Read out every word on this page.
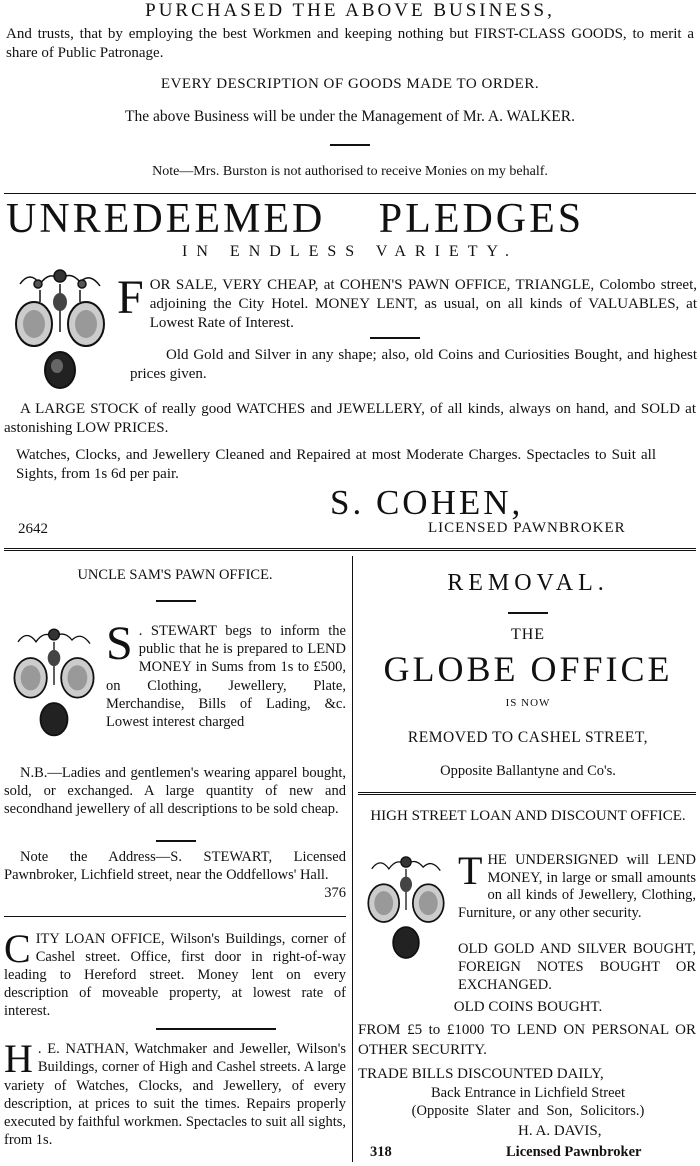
PURCHASED THE ABOVE BUSINESS,
And trusts, that by employing the best Workmen and keeping nothing but FIRST-CLASS GOODS, to merit a share of Public Patronage.
EVERY DESCRIPTION OF GOODS MADE TO ORDER.
The above Business will be under the Management of Mr. A. WALKER.
Note—Mrs. Burston is not authorised to receive Monies on my behalf.
UNREDEEMED PLEDGES
IN ENDLESS VARIETY.
F OR SALE, VERY CHEAP, at COHEN'S PAWN OFFICE, TRIANGLE, Colombo street, adjoining the City Hotel. MONEY LENT, as usual, on all kinds of VALUABLES, at Lowest Rate of Interest.
Old Gold and Silver in any shape; also, old Coins and Curiosities Bought, and highest prices given.
A LARGE STOCK of really good WATCHES and JEWELLERY, of all kinds, always on hand, and SOLD at astonishing LOW PRICES.
Watches, Clocks, and Jewellery Cleaned and Repaired at most Moderate Charges. Spectacles to Suit all Sights, from 1s 6d per pair.
S. COHEN,
2642	LICENSED PAWNBROKER
UNCLE SAM'S PAWN OFFICE.
S . STEWART begs to inform the public that he is prepared to LEND MONEY in Sums from 1s to £500, on Clothing, Jewellery, Plate, Merchandise, Bills of Lading, &c. Lowest interest charged
N.B.—Ladies and gentlemen's wearing apparel bought, sold, or exchanged. A large quantity of new and secondhand jewellery of all descriptions to be sold cheap.
Note the Address—S. STEWART, Licensed Pawnbroker, Lichfield street, near the Oddfellows' Hall.
376
C ITY LOAN OFFICE, Wilson's Buildings, corner of Cashel street. Office, first door in right-of-way leading to Hereford street. Money lent on every description of moveable property, at lowest rate of interest.
H . E. NATHAN, Watchmaker and Jeweller, Wilson's Buildings, corner of High and Cashel streets. A large variety of Watches, Clocks, and Jewellery, of every description, at prices to suit the times. Repairs properly executed by faithful workmen. Spectacles to suit all sights, from 1s.
REMOVAL.
THE
GLOBE OFFICE
IS NOW
REMOVED TO CASHEL STREET,
Opposite Ballantyne and Co's.
HIGH STREET LOAN AND DISCOUNT OFFICE.
T HE UNDERSIGNED will LEND MONEY, in large or small amounts on all kinds of Jewellery, Clothing, Furniture, or any other security.
OLD GOLD AND SILVER BOUGHT, FOREIGN NOTES BOUGHT OR EXCHANGED.
OLD COINS BOUGHT.
FROM £5 to £1000 TO LEND ON PERSONAL OR OTHER SECURITY.
TRADE BILLS DISCOUNTED DAILY,
Back Entrance in Lichfield Street
(Opposite Slater and Son, Solicitors.)
H. A. DAVIS,
318	Licensed Pawnbroker
